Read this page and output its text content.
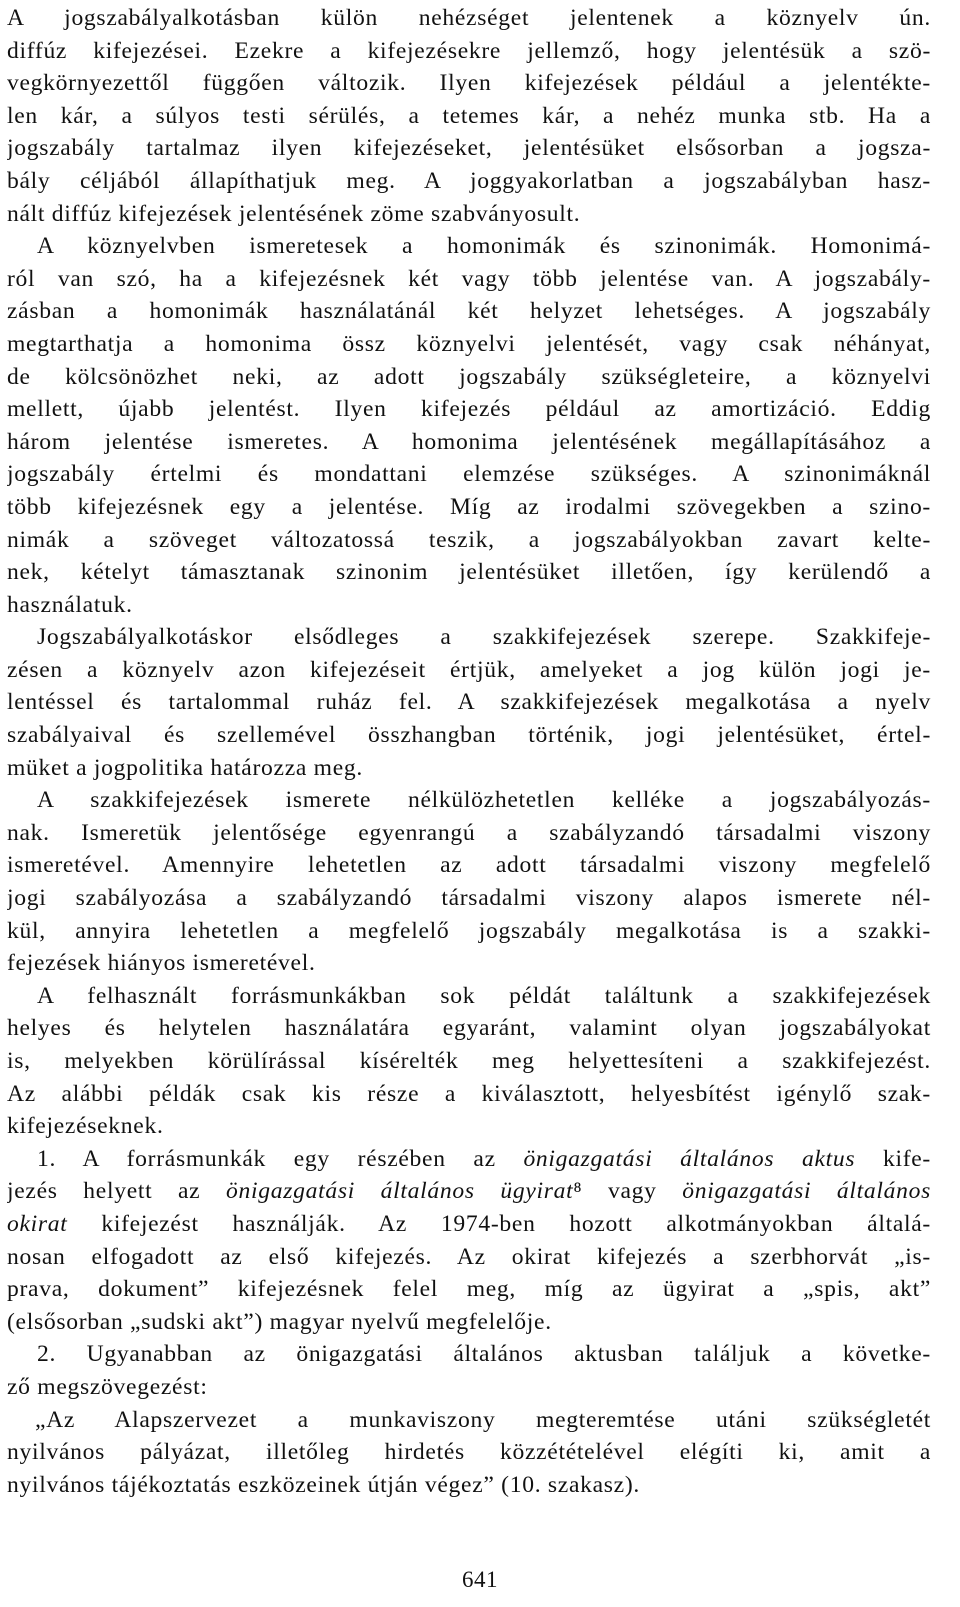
A jogszabályalkotásban külön nehézséget jelentenek a köznyelv ún.
diffúz kifejezései. Ezekre a kifejezésekre jellemző, hogy jelentésük a szö-
vegkörnyezettől függően változik. Ilyen kifejezések például a jelentékte-
len kár, a súlyos testi sérülés, a tetemes kár, a nehéz munka stb. Ha a
jogszabály tartalmaz ilyen kifejezéseket, jelentésüket elsősorban a jogsza-
bály céljából állapíthatjuk meg. A joggyakorlatban a jogszabályban hasz-
nált diffúz kifejezések jelentésének zöme szabványosult.
A köznyelvben ismeretesek a homonimák és szinonimák. Homonimá-
ról van szó, ha a kifejezésnek két vagy több jelentése van. A jogszabály-
zásban a homonimák használatánál két helyzet lehetséges. A jogszabály
megtarthatja a homonima össz köznyelvi jelentését, vagy csak néhányat,
de kölcsönözhet neki, az adott jogszabály szükségleteire, a köznyelvi
mellett, újabb jelentést. Ilyen kifejezés például az amortizáció. Eddig
három jelentése ismeretes. A homonima jelentésének megállapításához a
jogszabály értelmi és mondattani elemzése szükséges. A szinonimáknál
több kifejezésnek egy a jelentése. Míg az irodalmi szövegekben a szino-
nimák a szöveget változatossá teszik, a jogszabályokban zavart kelte-
nek, kételyt támasztanak szinonim jelentésüket illetően, így kerülendő a
használatuk.
Jogszabályalkotáskor elsődleges a szakkifejezések szerepe. Szakkifeje-
zésen a köznyelv azon kifejezéseit értjük, amelyeket a jog külön jogi je-
lentéssel és tartalommal ruház fel. A szakkifejezések megalkotása a nyelv
szabályaival és szellemével összhangban történik, jogi jelentésüket, értel-
müket a jogpolitika határozza meg.
A szakkifejezések ismerete nélkülözhetetlen kelléke a jogszabályozás-
nak. Ismeretük jelentősége egyenrangú a szabályzandó társadalmi viszony
ismeretével. Amennyire lehetetlen az adott társadalmi viszony megfelelő
jogi szabályozása a szabályzandó társadalmi viszony alapos ismerete nél-
kül, annyira lehetetlen a megfelelő jogszabály megalkotása is a szakki-
fejezések hiányos ismeretével.
A felhasznált forrásmunkákban sok példát találtunk a szakkifejezések
helyes és helytelen használatára egyaránt, valamint olyan jogszabályokat
is, melyekben körülírással kísérelték meg helyettesíteni a szakkifejezést.
Az alábbi példák csak kis része a kiválasztott, helyesbítést igénylő szak-
kifejezéseknek.
1. A forrásmunkák egy részében az önigazgatási általános aktus kife-
jezés helyett az önigazgatási általános ügyirat⁸ vagy önigazgatási általános
okirat kifejezést használják. Az 1974-ben hozott alkotmányokban általá-
nosan elfogadott az első kifejezés. Az okirat kifejezés a szerbhorvát „is-
prava, dokument” kifejezésnek felel meg, míg az ügyirat a „spis, akt”
(elsősorban „sudski akt”) magyar nyelvű megfelelője.
2. Ugyanabban az önigazgatási általános aktusban találjuk a követke-
ző megszövegezést:
„Az Alapszervezet a munkaviszony megteremtése utáni szükségletét
nyilvános pályázat, illetőleg hirdetés közzétételével elégíti ki, amit a
nyilvános tájékoztatás eszközeinek útján végez” (10. szakasz).
641
